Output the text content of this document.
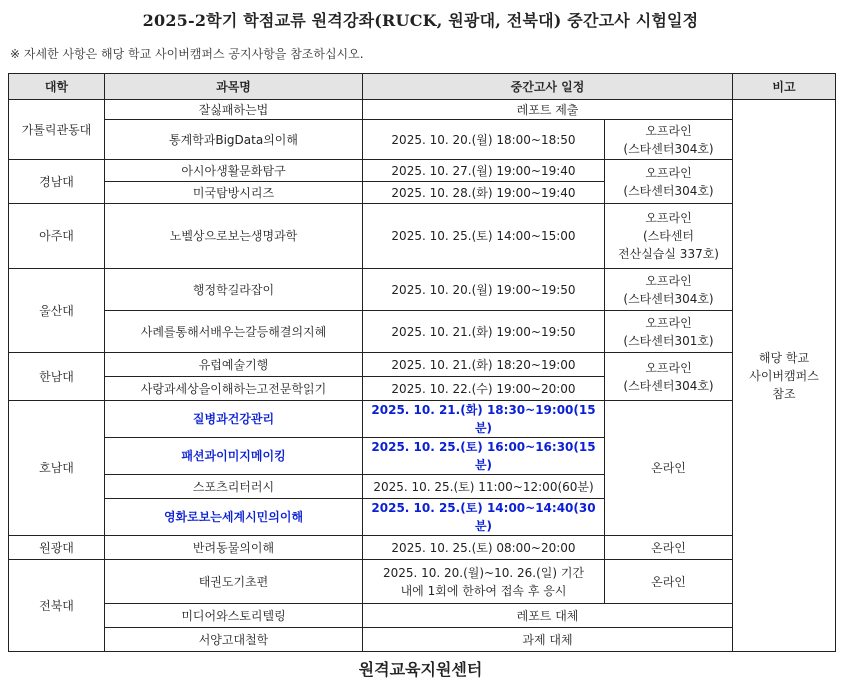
2025-2학기 학점교류 원격강좌(RUCK, 원광대, 전북대) 중간고사 시험일정
※ 자세한 사항은 해당 학교 사이버캠퍼스 공지사항을 참조하십시오.
대학	과목명	중간고사 일정		비고
가톨릭관동대	잘싫패하는법	레포트 제출		해당 학교
사이버캠퍼스
참조

	통계학과BigData의이해	2025. 10. 20.(월) 18:00~18:50	오프라인
(스타센터304호)	

경남대	아시아생활문화탐구	2025. 10. 27.(월) 19:00~19:40	오프라인
(스타센터304호)	

	미국탐방시리즈	2025. 10. 28.(화) 19:00~19:40		
아주대	노벨상으로보는생명과학	2025. 10. 25.(토) 14:00~15:00	오프라인
(스타센터
전산실습실 337호)	

울산대	행정학길라잡이	2025. 10. 20.(월) 19:00~19:50	오프라인
(스타센터304호)	

	사례를통해서배우는갈등해결의지혜	2025. 10. 21.(화) 19:00~19:50	오프라인
(스타센터301호)	

한남대	유럽예술기행	2025. 10. 21.(화) 18:20~19:00	오프라인
(스타센터304호)	

	사랑과세상을이해하는고전문학읽기	2025. 10. 22.(수) 19:00~20:00		
호남대	질병과건강관리	2025. 10. 21.(화) 18:30~19:00(15분)	온라인	
	패션과이미지메이킹	2025. 10. 25.(토) 16:00~16:30(15분)		
	스포츠리터러시	2025. 10. 25.(토) 11:00~12:00(60분)		
	영화로보는세계시민의이해	2025. 10. 25.(토) 14:00~14:40(30분)		
원광대	반려동물의이해	2025. 10. 25.(토) 08:00~20:00	온라인	
전북대	태권도기초편	2025. 10. 20.(월)~10. 26.(일) 기간
내에 1회에 한하여 접속 후 응시	온라인	
	미디어와스토리텔링	레포트 대체		
	서양고대철학	과제 대체		
원격교육지원센터
